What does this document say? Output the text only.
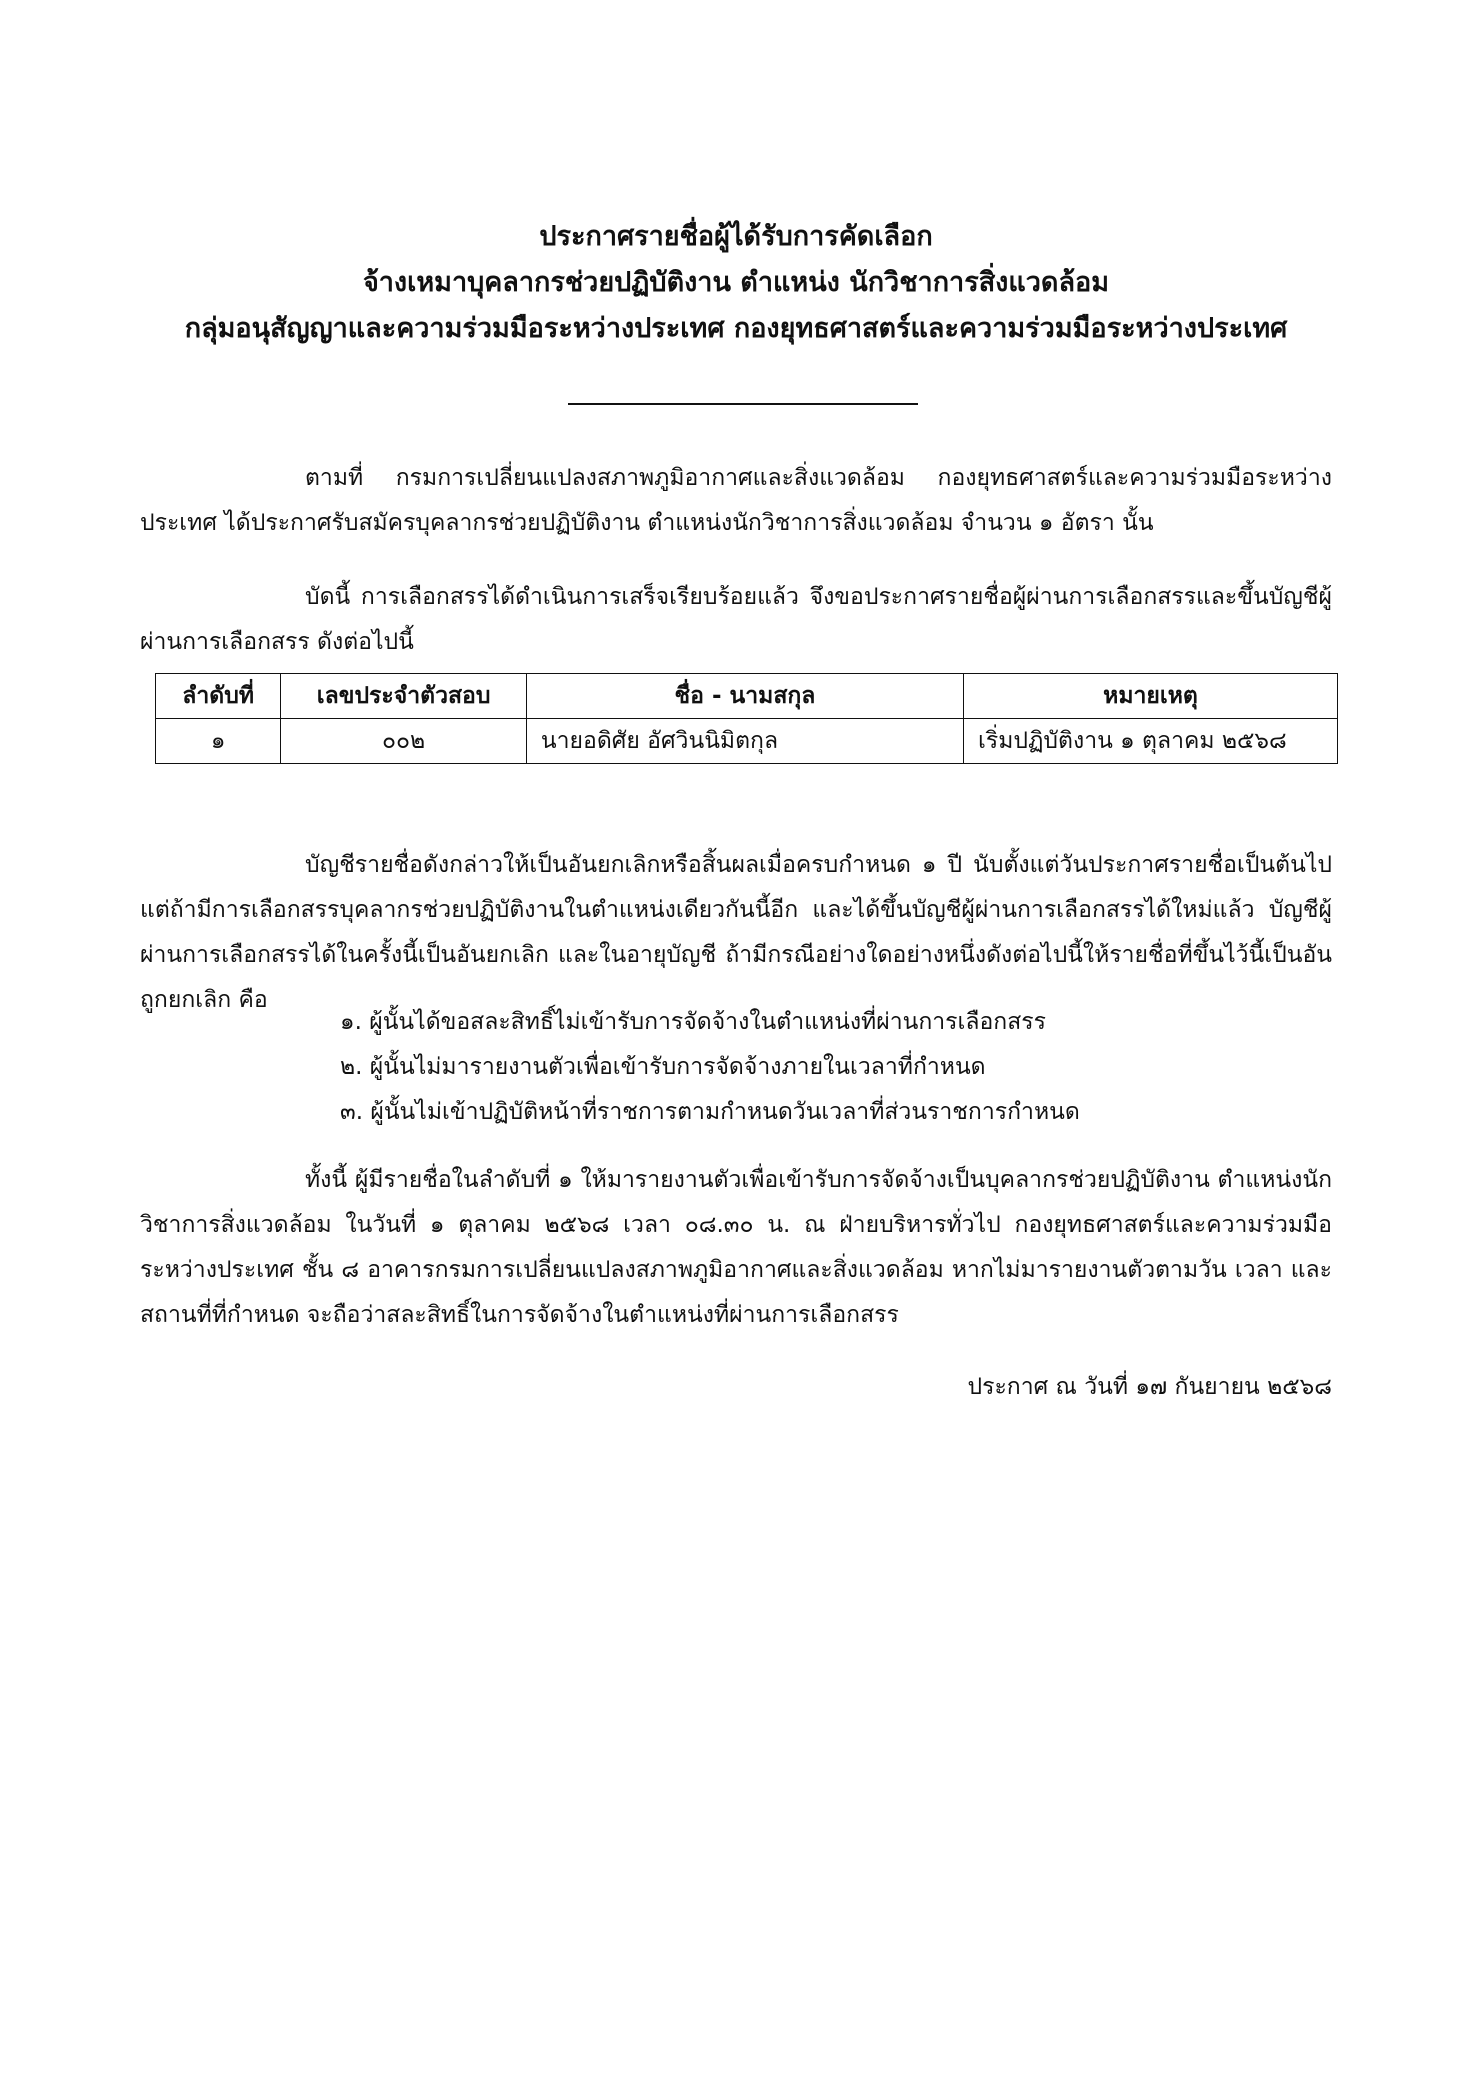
ประกาศรายชื่อผู้ได้รับการคัดเลือก
จ้างเหมาบุคลากรช่วยปฏิบัติงาน ตำแหน่ง นักวิชาการสิ่งแวดล้อม
กลุ่มอนุสัญญาและความร่วมมือระหว่างประเทศ กองยุทธศาสตร์และความร่วมมือระหว่างประเทศ

ตามที่ กรมการเปลี่ยนแปลงสภาพภูมิอากาศและสิ่งแวดล้อม กองยุทธศาสตร์และความร่วมมือระหว่างประเทศ ได้ประกาศรับสมัครบุคลากรช่วยปฏิบัติงาน ตำแหน่งนักวิชาการสิ่งแวดล้อม จำนวน ๑ อัตรา นั้น

บัดนี้ การเลือกสรรได้ดำเนินการเสร็จเรียบร้อยแล้ว จึงขอประกาศรายชื่อผู้ผ่านการเลือกสรรและขึ้นบัญชีผู้ผ่านการเลือกสรร ดังต่อไปนี้

ลำดับที่	เลขประจำตัวสอบ	ชื่อ - นามสกุล	หมายเหตุ
๑	๐๐๒	นายอดิศัย อัศวินนิมิตกุล	เริ่มปฏิบัติงาน ๑ ตุลาคม ๒๕๖๘

บัญชีรายชื่อดังกล่าวให้เป็นอันยกเลิกหรือสิ้นผลเมื่อครบกำหนด ๑ ปี นับตั้งแต่วันประกาศรายชื่อเป็นต้นไป แต่ถ้ามีการเลือกสรรบุคลากรช่วยปฏิบัติงานในตำแหน่งเดียวกันนี้อีก และได้ขึ้นบัญชีผู้ผ่านการเลือกสรรได้ใหม่แล้ว บัญชีผู้ผ่านการเลือกสรรได้ในครั้งนี้เป็นอันยกเลิก และในอายุบัญชี ถ้ามีกรณีอย่างใดอย่างหนึ่งดังต่อไปนี้ให้รายชื่อที่ขึ้นไว้นี้เป็นอันถูกยกเลิก คือ

๑. ผู้นั้นได้ขอสละสิทธิ์ไม่เข้ารับการจัดจ้างในตำแหน่งที่ผ่านการเลือกสรร
๒. ผู้นั้นไม่มารายงานตัวเพื่อเข้ารับการจัดจ้างภายในเวลาที่กำหนด
๓. ผู้นั้นไม่เข้าปฏิบัติหน้าที่ราชการตามกำหนดวันเวลาที่ส่วนราชการกำหนด

ทั้งนี้ ผู้มีรายชื่อในลำดับที่ ๑ ให้มารายงานตัวเพื่อเข้ารับการจัดจ้างเป็นบุคลากรช่วยปฏิบัติงาน ตำแหน่งนักวิชาการสิ่งแวดล้อม ในวันที่ ๑ ตุลาคม ๒๕๖๘ เวลา ๐๘.๓๐ น. ณ ฝ่ายบริหารทั่วไป กองยุทธศาสตร์และความร่วมมือระหว่างประเทศ ชั้น ๘ อาคารกรมการเปลี่ยนแปลงสภาพภูมิอากาศและสิ่งแวดล้อม หากไม่มารายงานตัวตามวัน เวลา และสถานที่ที่กำหนด จะถือว่าสละสิทธิ์ในการจัดจ้างในตำแหน่งที่ผ่านการเลือกสรร

ประกาศ ณ วันที่ ๑๗ กันยายน ๒๕๖๘
